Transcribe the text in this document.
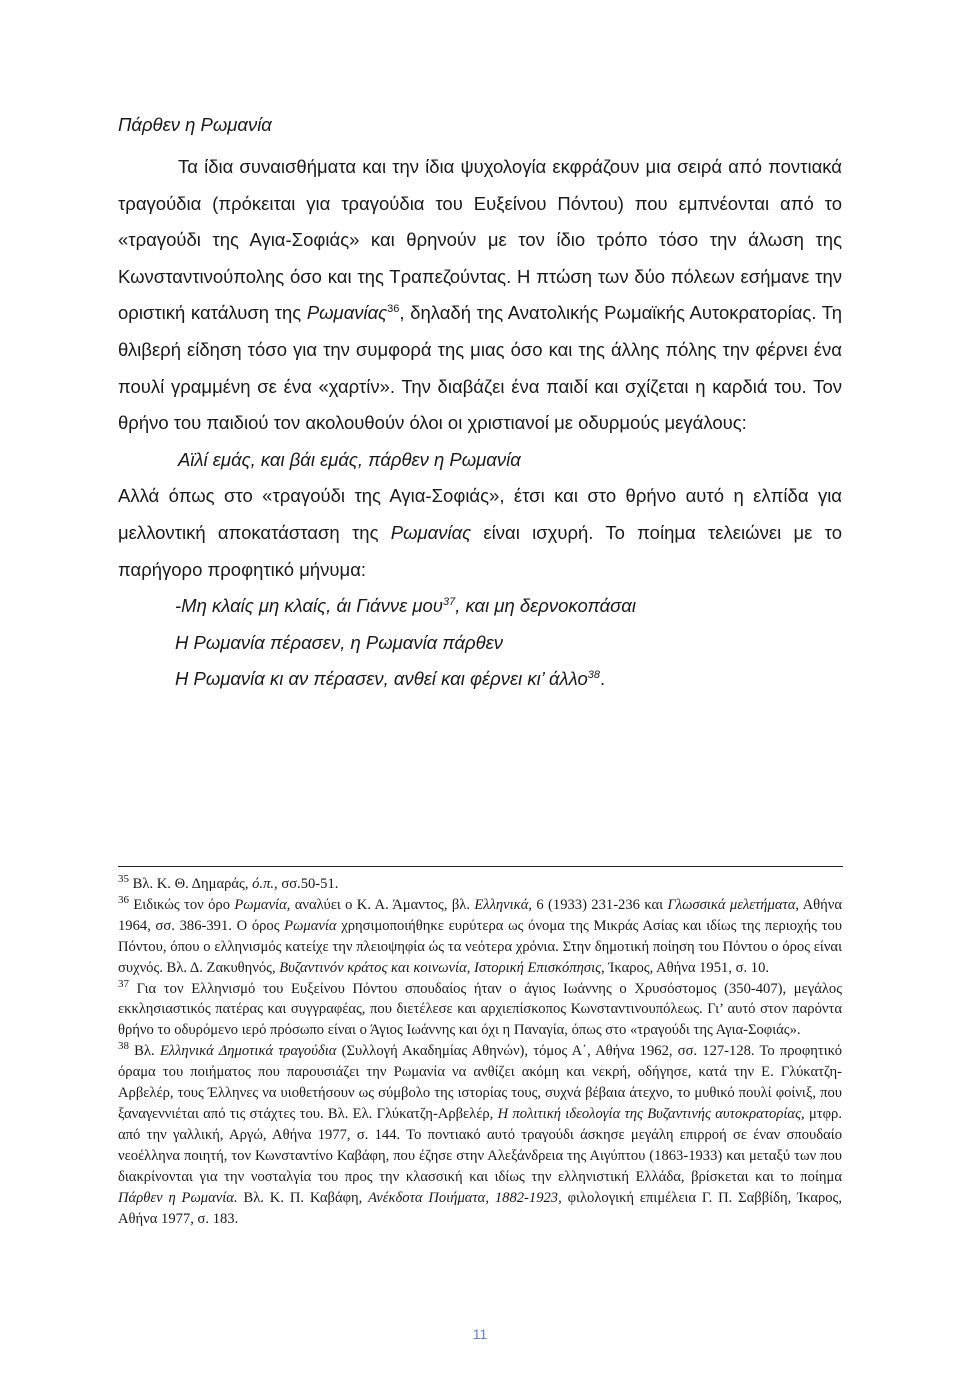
Πάρθεν η Ρωμανία

Τα ίδια συναισθήματα και την ίδια ψυχολογία εκφράζουν μια σειρά από ποντιακά τραγούδια (πρόκειται για τραγούδια του Ευξείνου Πόντου) που εμπνέονται από το «τραγούδι της Αγια-Σοφιάς» και θρηνούν με τον ίδιο τρόπο τόσο την άλωση της Κωνσταντινούπολης όσο και της Τραπεζούντας. Η πτώση των δύο πόλεων εσήμανε την οριστική κατάλυση της Ρωμανίας$^{36}$, δηλαδή της Ανατολικής Ρωμαϊκής Αυτοκρατορίας. Τη θλιβερή είδηση τόσο για την συμφορά της μιας όσο και της άλλης πόλης την φέρνει ένα πουλί γραμμένη σε ένα «χαρτίν». Την διαβάζει ένα παιδί και σχίζεται η καρδιά του. Τον θρήνο του παιδιού τον ακολουθούν όλοι οι χριστιανοί με οδυρμούς μεγάλους:

Αϊλί εμάς, και βάι εμάς, πάρθεν η Ρωμανία

Αλλά όπως στο «τραγούδι της Αγια-Σοφιάς», έτσι και στο θρήνο αυτό η ελπίδα για μελλοντική αποκατάσταση της Ρωμανίας είναι ισχυρή. Το ποίημα τελειώνει με το παρήγορο προφητικό μήνυμα:

-Μη κλαίς μη κλαίς, άι Γιάννε μου$^{37}$, και μη δερνοκοπάσαι

Η Ρωμανία πέρασεν, η Ρωμανία πάρθεν

Η Ρωμανία κι αν πέρασεν, ανθεί και φέρνει κι’ άλλο$^{38}$.

$^{35}$ Βλ. Κ. Θ. Δημαράς, ό.π., σσ.50-51.

$^{36}$ Ειδικώς τον όρο Ρωμανία, αναλύει ο Κ. Α. Άμαντος, βλ. Ελληνικά, 6 (1933) 231-236 και Γλωσσικά μελετήματα, Αθήνα 1964, σσ. 386-391. Ο όρος Ρωμανία χρησιμοποιήθηκε ευρύτερα ως όνομα της Μικράς Ασίας και ιδίως της περιοχής του Πόντου, όπου ο ελληνισμός κατείχε την πλειοψηφία ώς τα νεότερα χρόνια. Στην δημοτική ποίηση του Πόντου ο όρος είναι συχνός. Βλ. Δ. Ζακυθηνός, Βυζαντινόν κράτος και κοινωνία, Ιστορική Επισκόπησις, Ίκαρος, Αθήνα 1951, σ. 10.

$^{37}$ Για τον Ελληνισμό του Ευξείνου Πόντου σπουδαίος ήταν ο άγιος Ιωάννης ο Χρυσόστομος (350-407), μεγάλος εκκλησιαστικός πατέρας και συγγραφέας, που διετέλεσε και αρχιεπίσκοπος Κωνσταντινουπόλεως. Γι’ αυτό στον παρόντα θρήνο το οδυρόμενο ιερό πρόσωπο είναι ο Άγιος Ιωάννης και όχι η Παναγία, όπως στο «τραγούδι της Αγια-Σοφιάς».

$^{38}$ Βλ. Ελληνικά Δημοτικά τραγούδια (Συλλογή Ακαδημίας Αθηνών), τόμος Α΄, Αθήνα 1962, σσ. 127-128. Το προφητικό όραμα του ποιήματος που παρουσιάζει την Ρωμανία να ανθίζει ακόμη και νεκρή, οδήγησε, κατά την Ε. Γλύκατζη-Αρβελέρ, τους Έλληνες να υιοθετήσουν ως σύμβολο της ιστορίας τους, συχνά βέβαια άτεχνο, το μυθικό πουλί φοίνιξ, που ξαναγεννιέται από τις στάχτες του. Βλ. Ελ. Γλύκατζη-Αρβελέρ, Η πολιτική ιδεολογία της Βυζαντινής αυτοκρατορίας, μτφρ. από την γαλλική, Αργώ, Αθήνα 1977, σ. 144. Το ποντιακό αυτό τραγούδι άσκησε μεγάλη επιρροή σε έναν σπουδαίο νεοέλληνα ποιητή, τον Κωνσταντίνο Καβάφη, που έζησε στην Αλεξάνδρεια της Αιγύπτου (1863-1933) και μεταξύ των που διακρίνονται για την νοσταλγία του προς την κλασσική και ιδίως την ελληνιστική Ελλάδα, βρίσκεται και το ποίημα Πάρθεν η Ρωμανία. Βλ. Κ. Π. Καβάφη, Ανέκδοτα Ποιήματα, 1882-1923, φιλολογική επιμέλεια Γ. Π. Σαββίδη, Ίκαρος, Αθήνα 1977, σ. 183.

11
